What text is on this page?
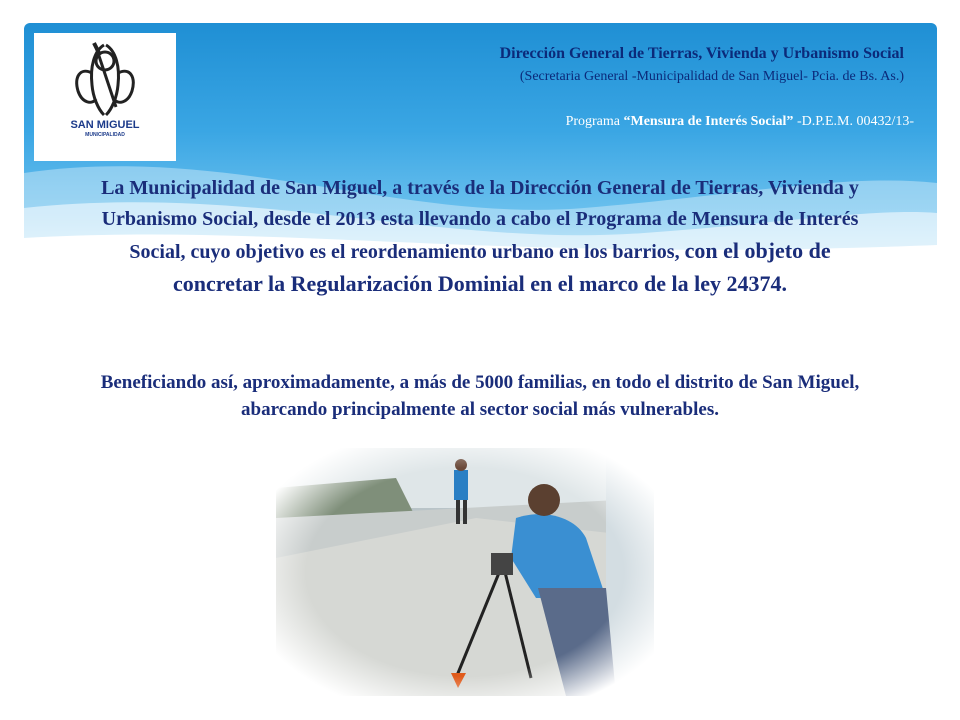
SAN MIGUEL
MUNICIPALIDAD
Dirección General de Tierras, Vivienda y Urbanismo Social
(Secretaria General -Municipalidad de San Miguel- Pcia. de Bs. As.)
Programa “Mensura de Interés Social” -D.P.E.M. 00432/13-
La Municipalidad de San Miguel, a través de la Dirección General de Tierras, Vivienda y Urbanismo Social, desde el 2013 esta llevando a cabo el Programa de Mensura de Interés Social, cuyo objetivo es el reordenamiento urbano en los barrios, con el objeto de concretar la Regularización Dominial en el marco de la ley 24374.
Beneficiando así, aproximadamente, a más de 5000 familias, en todo el distrito de San Miguel, abarcando principalmente al sector social más vulnerables.
